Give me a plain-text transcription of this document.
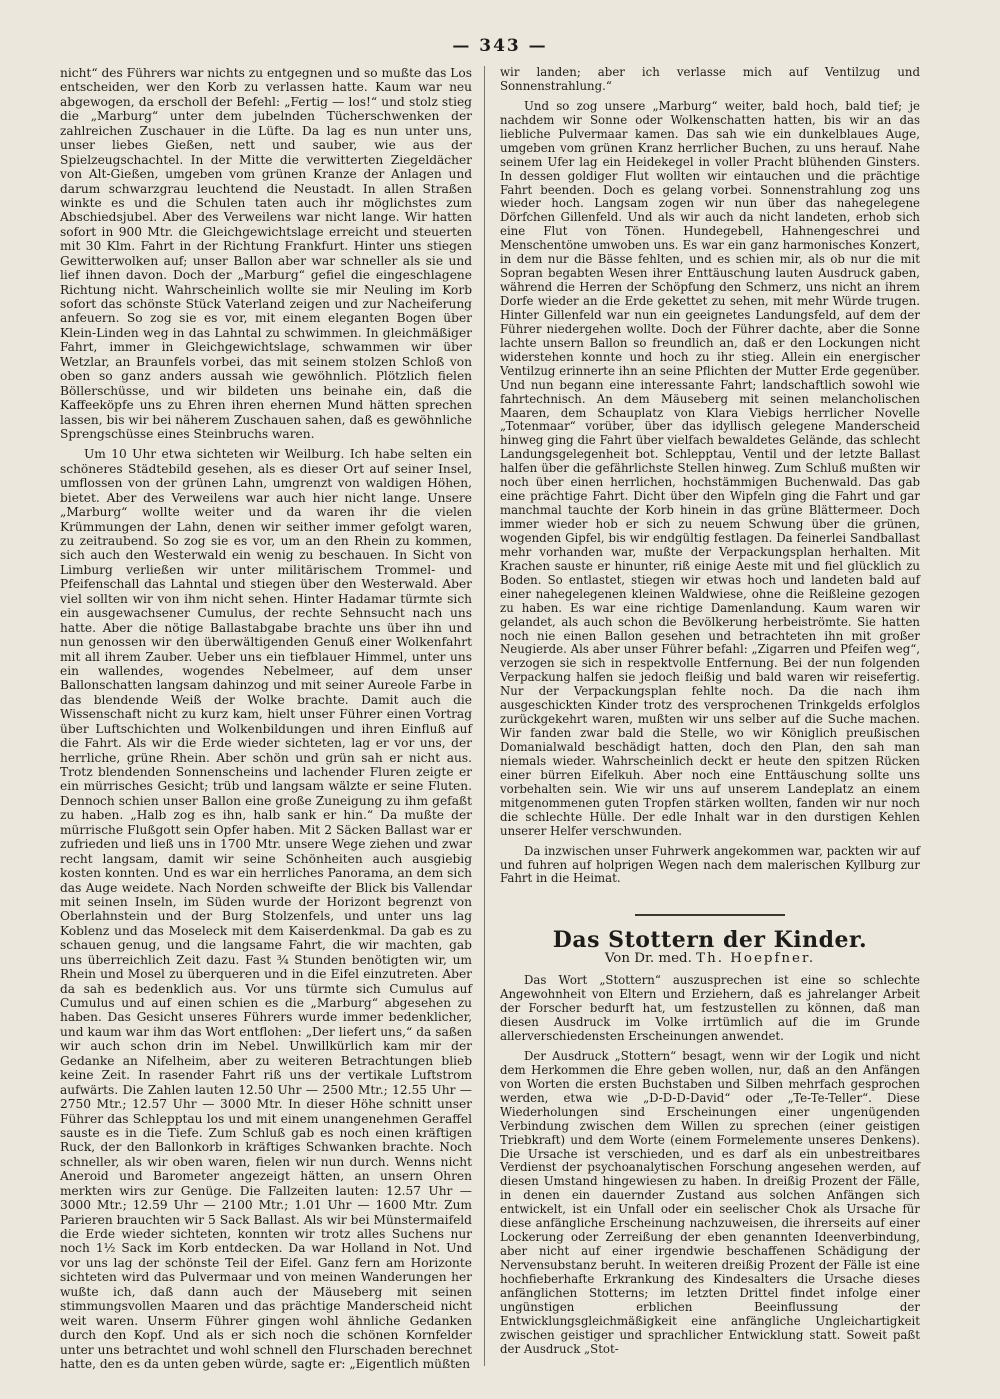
— 343 —

nicht“ des Führers war nichts zu entgegnen und so mußte das Los entscheiden, wer den Korb zu verlassen hatte. Kaum war neu abgewogen, da erscholl der Befehl: „Fertig — los!“ und stolz stieg die „Marburg“ unter dem jubelnden Tücherschwenken der zahlreichen Zuschauer in die Lüfte. Da lag es nun unter uns, unser liebes Gießen, nett und sauber, wie aus der Spielzeugschachtel. In der Mitte die verwitterten Ziegeldächer von Alt-Gießen, umgeben vom grünen Kranze der Anlagen und darum schwarzgrau leuchtend die Neustadt. In allen Straßen winkte es und die Schulen taten auch ihr möglichstes zum Abschiedsjubel. Aber des Verweilens war nicht lange. Wir hatten sofort in 900 Mtr. die Gleichgewichtslage erreicht und steuerten mit 30 Klm. Fahrt in der Richtung Frankfurt. Hinter uns stiegen Gewitterwolken auf; unser Ballon aber war schneller als sie und lief ihnen davon. Doch der „Marburg“ gefiel die eingeschlagene Richtung nicht. Wahrscheinlich wollte sie mir Neuling im Korb sofort das schönste Stück Vaterland zeigen und zur Nacheiferung anfeuern. So zog sie es vor, mit einem eleganten Bogen über Klein-Linden weg in das Lahntal zu schwimmen. In gleichmäßiger Fahrt, immer in Gleichgewichtslage, schwammen wir über Wetzlar, an Braunfels vorbei, das mit seinem stolzen Schloß von oben so ganz anders aussah wie gewöhnlich. Plötzlich fielen Böllerschüsse, und wir bildeten uns beinahe ein, daß die Kaffeeköpfe uns zu Ehren ihren ehernen Mund hätten sprechen lassen, bis wir bei näherem Zuschauen sahen, daß es gewöhnliche Sprengschüsse eines Steinbruchs waren.

Um 10 Uhr etwa sichteten wir Weilburg. Ich habe selten ein schöneres Städtebild gesehen, als es dieser Ort auf seiner Insel, umflossen von der grünen Lahn, umgrenzt von waldigen Höhen, bietet. Aber des Verweilens war auch hier nicht lange. Unsere „Marburg“ wollte weiter und da waren ihr die vielen Krümmungen der Lahn, denen wir seither immer gefolgt waren, zu zeitraubend. So zog sie es vor, um an den Rhein zu kommen, sich auch den Westerwald ein wenig zu beschauen. In Sicht von Limburg verließen wir unter militärischem Trommel- und Pfeifenschall das Lahntal und stiegen über den Westerwald. Aber viel sollten wir von ihm nicht sehen. Hinter Hadamar türmte sich ein ausgewachsener Cumulus, der rechte Sehnsucht nach uns hatte. Aber die nötige Ballastabgabe brachte uns über ihn und nun genossen wir den überwältigenden Genuß einer Wolkenfahrt mit all ihrem Zauber. Ueber uns ein tiefblauer Himmel, unter uns ein wallendes, wogendes Nebelmeer, auf dem unser Ballonschatten langsam dahinzog und mit seiner Aureole Farbe in das blendende Weiß der Wolke brachte. Damit auch die Wissenschaft nicht zu kurz kam, hielt unser Führer einen Vortrag über Luftschichten und Wolkenbildungen und ihren Einfluß auf die Fahrt. Als wir die Erde wieder sichteten, lag er vor uns, der herrliche, grüne Rhein. Aber schön und grün sah er nicht aus. Trotz blendenden Sonnenscheins und lachender Fluren zeigte er ein mürrisches Gesicht; trüb und langsam wälzte er seine Fluten. Dennoch schien unser Ballon eine große Zuneigung zu ihm gefaßt zu haben. „Halb zog es ihn, halb sank er hin.“ Da mußte der mürrische Flußgott sein Opfer haben. Mit 2 Säcken Ballast war er zufrieden und ließ uns in 1700 Mtr. unsere Wege ziehen und zwar recht langsam, damit wir seine Schönheiten auch ausgiebig kosten konnten. Und es war ein herrliches Panorama, an dem sich das Auge weidete. Nach Norden schweifte der Blick bis Vallendar mit seinen Inseln, im Süden wurde der Horizont begrenzt von Oberlahnstein und der Burg Stolzenfels, und unter uns lag Koblenz und das Moseleck mit dem Kaiserdenkmal. Da gab es zu schauen genug, und die langsame Fahrt, die wir machten, gab uns überreichlich Zeit dazu. Fast ¾ Stunden benötigten wir, um Rhein und Mosel zu überqueren und in die Eifel einzutreten. Aber da sah es bedenklich aus. Vor uns türmte sich Cumulus auf Cumulus und auf einen schien es die „Marburg“ abgesehen zu haben. Das Gesicht unseres Führers wurde immer bedenklicher, und kaum war ihm das Wort entflohen: „Der liefert uns,“ da saßen wir auch schon drin im Nebel. Unwillkürlich kam mir der Gedanke an Nifelheim, aber zu weiteren Betrachtungen blieb keine Zeit. In rasender Fahrt riß uns der vertikale Luftstrom aufwärts. Die Zahlen lauten 12.50 Uhr — 2500 Mtr.; 12.55 Uhr — 2750 Mtr.; 12.57 Uhr — 3000 Mtr. In dieser Höhe schnitt unser Führer das Schlepptau los und mit einem unangenehmen Geraffel sauste es in die Tiefe. Zum Schluß gab es noch einen kräftigen Ruck, der den Ballonkorb in kräftiges Schwanken brachte. Noch schneller, als wir oben waren, fielen wir nun durch. Wenns nicht Aneroid und Barometer angezeigt hätten, an unsern Ohren merkten wirs zur Genüge. Die Fallzeiten lauten: 12.57 Uhr — 3000 Mtr.; 12.59 Uhr — 2100 Mtr.; 1.01 Uhr — 1600 Mtr. Zum Parieren brauchten wir 5 Sack Ballast. Als wir bei Münstermaifeld die Erde wieder sichteten, konnten wir trotz alles Suchens nur noch 1½ Sack im Korb entdecken. Da war Holland in Not. Und vor uns lag der schönste Teil der Eifel. Ganz fern am Horizonte sichteten wird das Pulvermaar und von meinen Wanderungen her wußte ich, daß dann auch der Mäuseberg mit seinen stimmungsvollen Maaren und das prächtige Manderscheid nicht weit waren. Unserm Führer gingen wohl ähnliche Gedanken durch den Kopf. Und als er sich noch die schönen Kornfelder unter uns betrachtet und wohl schnell den Flurschaden berechnet hatte, den es da unten geben würde, sagte er: „Eigentlich müßten

wir landen; aber ich verlasse mich auf Ventilzug und Sonnenstrahlung.“

Und so zog unsere „Marburg“ weiter, bald hoch, bald tief; je nachdem wir Sonne oder Wolkenschatten hatten, bis wir an das liebliche Pulvermaar kamen. Das sah wie ein dunkelblaues Auge, umgeben vom grünen Kranz herrlicher Buchen, zu uns herauf. Nahe seinem Ufer lag ein Heidekegel in voller Pracht blühenden Ginsters. In dessen goldiger Flut wollten wir eintauchen und die prächtige Fahrt beenden. Doch es gelang vorbei. Sonnenstrahlung zog uns wieder hoch. Langsam zogen wir nun über das nahegelegene Dörfchen Gillenfeld. Und als wir auch da nicht landeten, erhob sich eine Flut von Tönen. Hundegebell, Hahnengeschrei und Menschentöne umwoben uns. Es war ein ganz harmonisches Konzert, in dem nur die Bässe fehlten, und es schien mir, als ob nur die mit Sopran begabten Wesen ihrer Enttäuschung lauten Ausdruck gaben, während die Herren der Schöpfung den Schmerz, uns nicht an ihrem Dorfe wieder an die Erde gekettet zu sehen, mit mehr Würde trugen. Hinter Gillenfeld war nun ein geeignetes Landungsfeld, auf dem der Führer niedergehen wollte. Doch der Führer dachte, aber die Sonne lachte unsern Ballon so freundlich an, daß er den Lockungen nicht widerstehen konnte und hoch zu ihr stieg. Allein ein energischer Ventilzug erinnerte ihn an seine Pflichten der Mutter Erde gegenüber. Und nun begann eine interessante Fahrt; landschaftlich sowohl wie fahrtechnisch. An dem Mäuseberg mit seinen melancholischen Maaren, dem Schauplatz von Klara Viebigs herrlicher Novelle „Totenmaar“ vorüber, über das idyllisch gelegene Manderscheid hinweg ging die Fahrt über vielfach bewaldetes Gelände, das schlecht Landungsgelegenheit bot. Schlepptau, Ventil und der letzte Ballast halfen über die gefährlichste Stellen hinweg. Zum Schluß mußten wir noch über einen herrlichen, hochstämmigen Buchenwald. Das gab eine prächtige Fahrt. Dicht über den Wipfeln ging die Fahrt und gar manchmal tauchte der Korb hinein in das grüne Blättermeer. Doch immer wieder hob er sich zu neuem Schwung über die grünen, wogenden Gipfel, bis wir endgültig festlagen. Da feinerlei Sandballast mehr vorhanden war, mußte der Verpackungsplan herhalten. Mit Krachen sauste er hinunter, riß einige Aeste mit und fiel glücklich zu Boden. So entlastet, stiegen wir etwas hoch und landeten bald auf einer nahegelegenen kleinen Waldwiese, ohne die Reißleine gezogen zu haben. Es war eine richtige Damenlandung. Kaum waren wir gelandet, als auch schon die Bevölkerung herbeiströmte. Sie hatten noch nie einen Ballon gesehen und betrachteten ihn mit großer Neugierde. Als aber unser Führer befahl: „Zigarren und Pfeifen weg“, verzogen sie sich in respektvolle Entfernung. Bei der nun folgenden Verpackung halfen sie jedoch fleißig und bald waren wir reisefertig. Nur der Verpackungsplan fehlte noch. Da die nach ihm ausgeschickten Kinder trotz des versprochenen Trinkgelds erfolglos zurückgekehrt waren, mußten wir uns selber auf die Suche machen. Wir fanden zwar bald die Stelle, wo wir Königlich preußischen Domanialwald beschädigt hatten, doch den Plan, den sah man niemals wieder. Wahrscheinlich deckt er heute den spitzen Rücken einer bürren Eifelkuh. Aber noch eine Enttäuschung sollte uns vorbehalten sein. Wie wir uns auf unserem Landeplatz an einem mitgenommenen guten Tropfen stärken wollten, fanden wir nur noch die schlechte Hülle. Der edle Inhalt war in den durstigen Kehlen unserer Helfer verschwunden.

Da inzwischen unser Fuhrwerk angekommen war, packten wir auf und fuhren auf holprigen Wegen nach dem malerischen Kyllburg zur Fahrt in die Heimat.

Das Stottern der Kinder.
Von Dr. med. Th. Hoepfner.

Das Wort „Stottern“ auszusprechen ist eine so schlechte Angewohnheit von Eltern und Erziehern, daß es jahrelanger Arbeit der Forscher bedurft hat, um festzustellen zu können, daß man diesen Ausdruck im Volke irrtümlich auf die im Grunde allerverschiedensten Erscheinungen anwendet.

Der Ausdruck „Stottern“ besagt, wenn wir der Logik und nicht dem Herkommen die Ehre geben wollen, nur, daß an den Anfängen von Worten die ersten Buchstaben und Silben mehrfach gesprochen werden, etwa wie „D-D-D-David“ oder „Te-Te-Teller“. Diese Wiederholungen sind Erscheinungen einer ungenügenden Verbindung zwischen dem Willen zu sprechen (einer geistigen Triebkraft) und dem Worte (einem Formelemente unseres Denkens). Die Ursache ist verschieden, und es darf als ein unbestreitbares Verdienst der psychoanalytischen Forschung angesehen werden, auf diesen Umstand hingewiesen zu haben. In dreißig Prozent der Fälle, in denen ein dauernder Zustand aus solchen Anfängen sich entwickelt, ist ein Unfall oder ein seelischer Chok als Ursache für diese anfängliche Erscheinung nachzuweisen, die ihrerseits auf einer Lockerung oder Zerreißung der eben genannten Ideenverbindung, aber nicht auf einer irgendwie beschaffenen Schädigung der Nervensubstanz beruht. In weiteren dreißig Prozent der Fälle ist eine hochfieberhafte Erkrankung des Kindesalters die Ursache dieses anfänglichen Stotterns; im letzten Drittel findet infolge einer ungünstigen erblichen Beeinflussung der Entwicklungsgleichmäßigkeit eine anfängliche Ungleichartigkeit zwischen geistiger und sprachlicher Entwicklung statt. Soweit paßt der Ausdruck „Stot-
